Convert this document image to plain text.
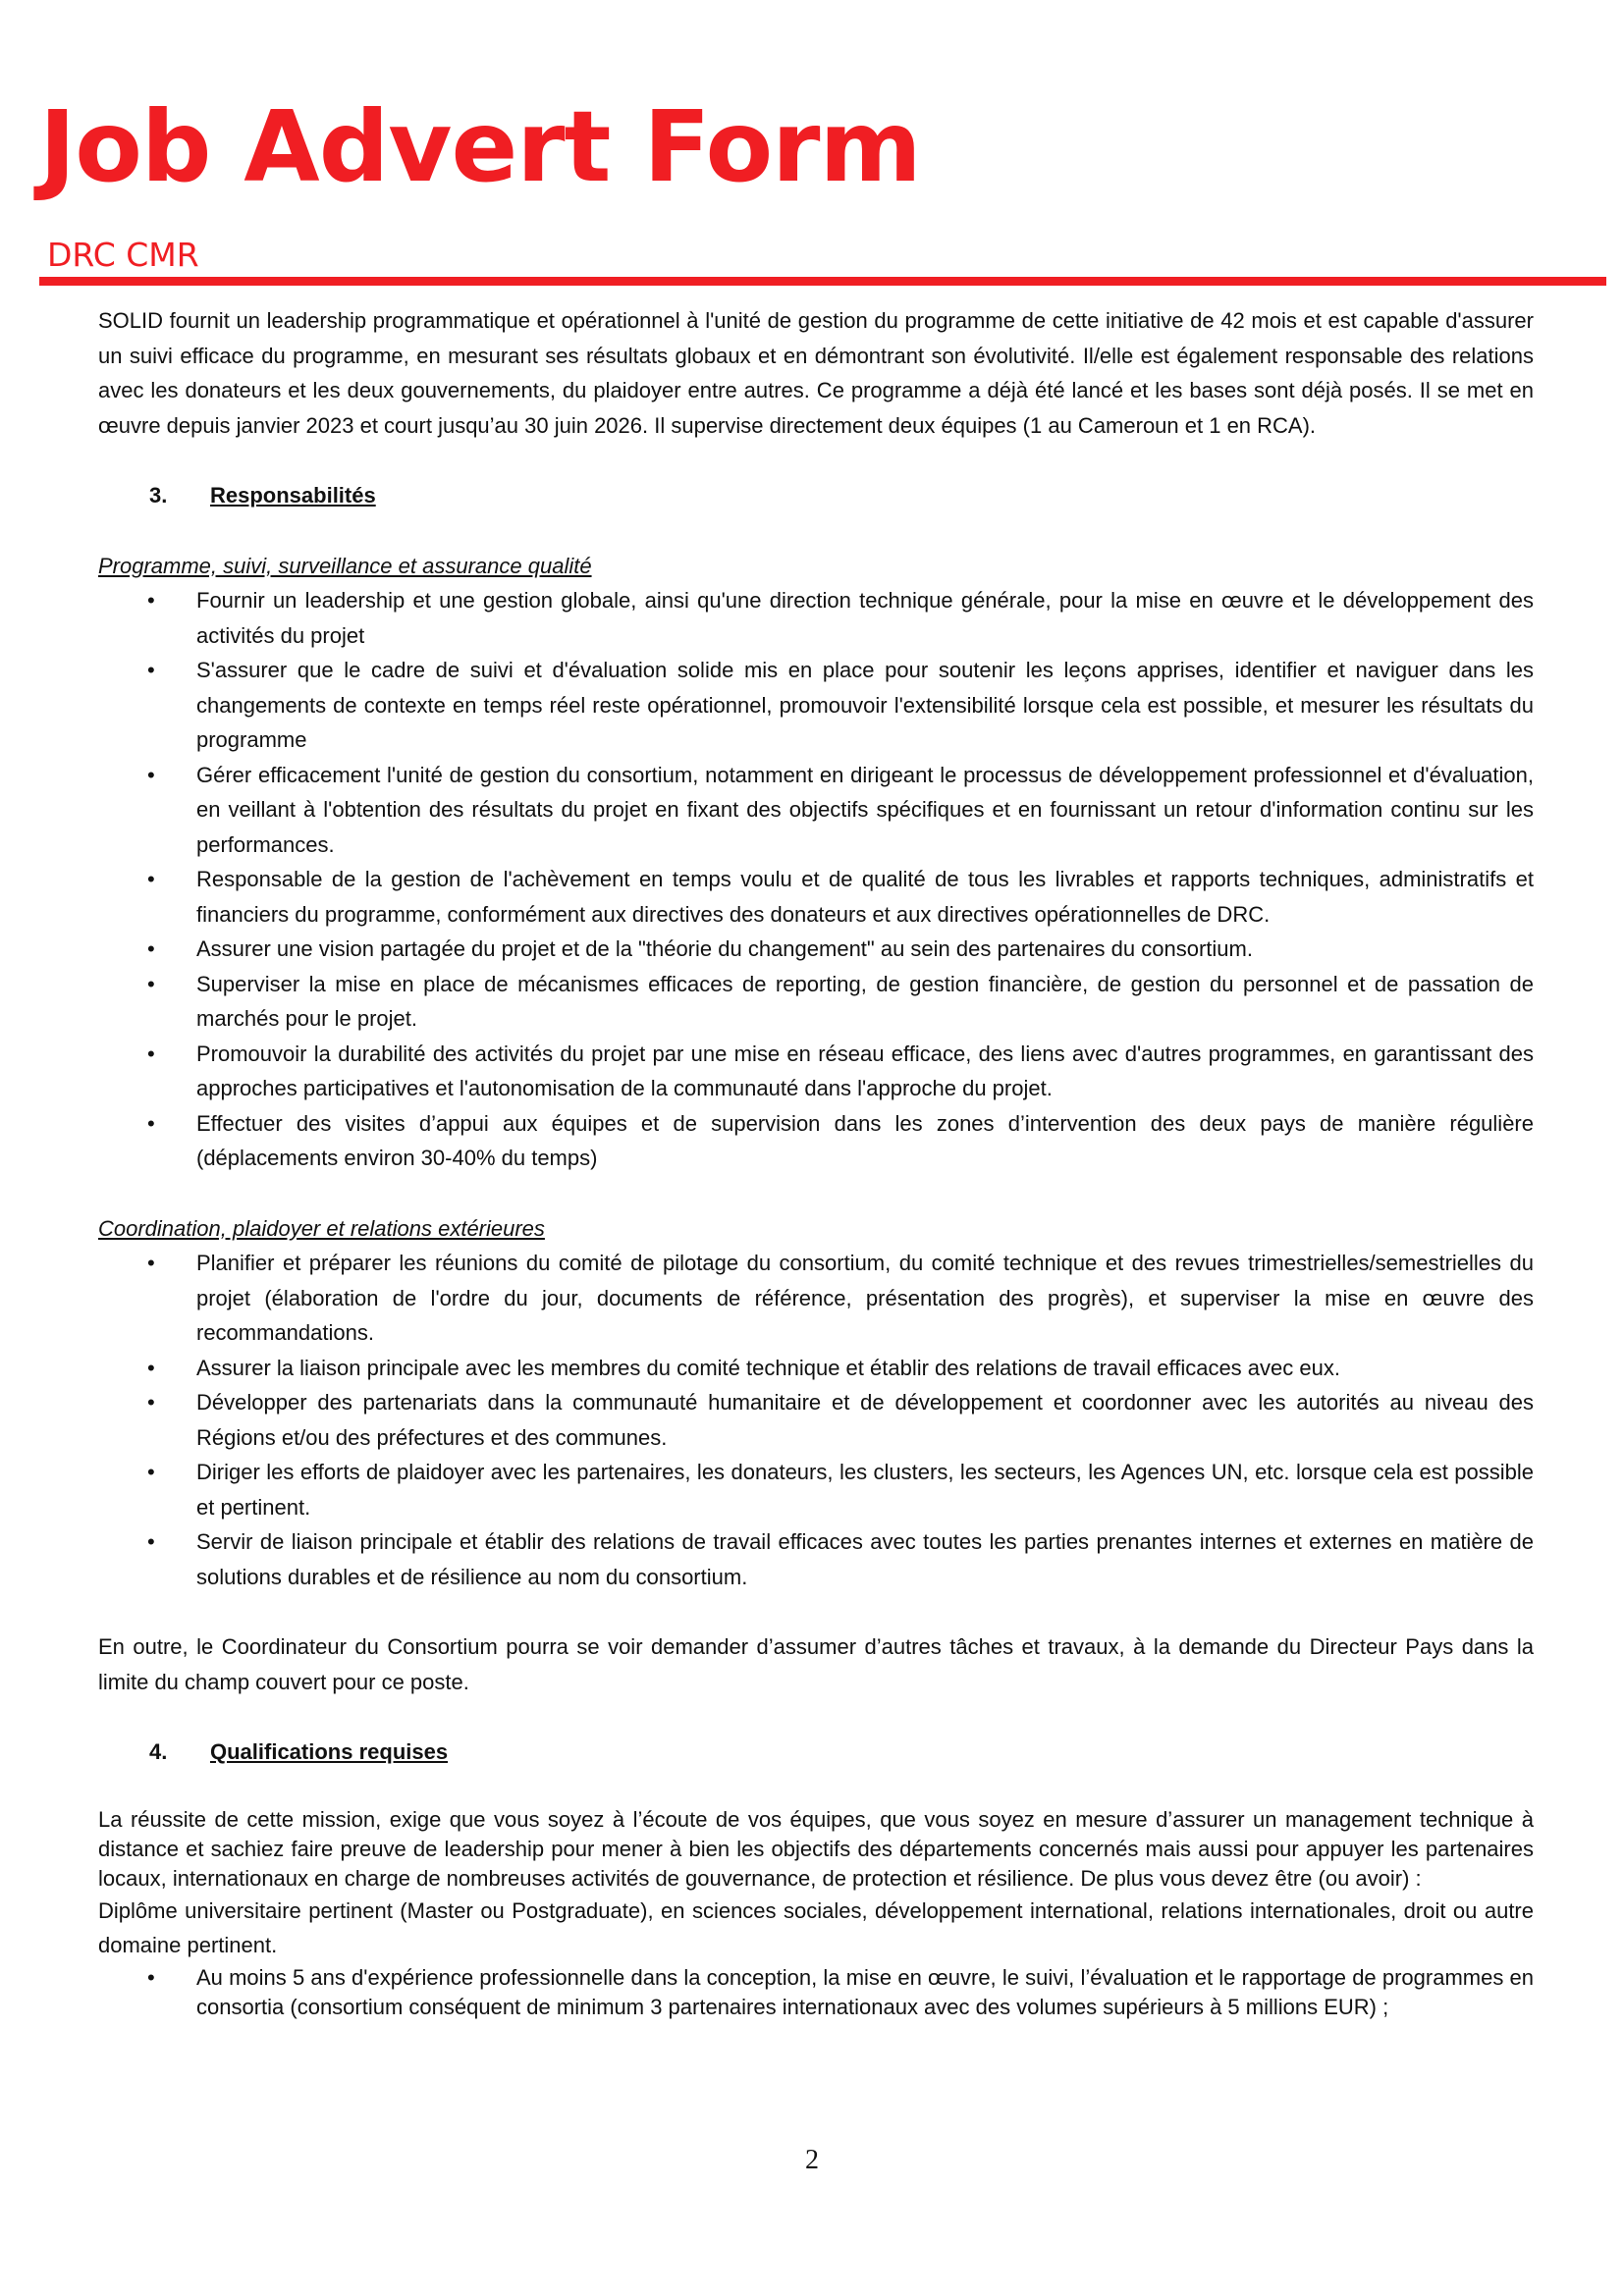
Job Advert Form
DRC CMR

SOLID fournit un leadership programmatique et opérationnel à l'unité de gestion du programme de cette initiative de 42 mois et est capable d'assurer un suivi efficace du programme, en mesurant ses résultats globaux et en démontrant son évolutivité. Il/elle est également responsable des relations avec les donateurs et les deux gouvernements, du plaidoyer entre autres. Ce programme a déjà été lancé et les bases sont déjà posés. Il se met en œuvre depuis janvier 2023 et court jusqu’au 30 juin 2026. Il supervise directement deux équipes (1 au Cameroun et 1 en RCA).

3.	Responsabilités
Programme, suivi, surveillance et assurance qualité
• Fournir un leadership et une gestion globale, ainsi qu'une direction technique générale, pour la mise en œuvre et le développement des activités du projet
• S'assurer que le cadre de suivi et d'évaluation solide mis en place pour soutenir les leçons apprises, identifier et naviguer dans les changements de contexte en temps réel reste opérationnel, promouvoir l'extensibilité lorsque cela est possible, et mesurer les résultats du programme
• Gérer efficacement l'unité de gestion du consortium, notamment en dirigeant le processus de développement professionnel et d'évaluation, en veillant à l'obtention des résultats du projet en fixant des objectifs spécifiques et en fournissant un retour d'information continu sur les performances.
• Responsable de la gestion de l'achèvement en temps voulu et de qualité de tous les livrables et rapports techniques, administratifs et financiers du programme, conformément aux directives des donateurs et aux directives opérationnelles de DRC.
• Assurer une vision partagée du projet et de la "théorie du changement" au sein des partenaires du consortium.
• Superviser la mise en place de mécanismes efficaces de reporting, de gestion financière, de gestion du personnel et de passation de marchés pour le projet.
• Promouvoir la durabilité des activités du projet par une mise en réseau efficace, des liens avec d'autres programmes, en garantissant des approches participatives et l'autonomisation de la communauté dans l'approche du projet.
• Effectuer des visites d’appui aux équipes et de supervision dans les zones d’intervention des deux pays de manière régulière (déplacements environ 30-40% du temps)
Coordination, plaidoyer et relations extérieures
• Planifier et préparer les réunions du comité de pilotage du consortium, du comité technique et des revues trimestrielles/semestrielles du projet (élaboration de l'ordre du jour, documents de référence, présentation des progrès), et superviser la mise en œuvre des recommandations.
• Assurer la liaison principale avec les membres du comité technique et établir des relations de travail efficaces avec eux.
• Développer des partenariats dans la communauté humanitaire et de développement et coordonner avec les autorités au niveau des Régions et/ou des préfectures et des communes.
• Diriger les efforts de plaidoyer avec les partenaires, les donateurs, les clusters, les secteurs, les Agences UN, etc. lorsque cela est possible et pertinent.
• Servir de liaison principale et établir des relations de travail efficaces avec toutes les parties prenantes internes et externes en matière de solutions durables et de résilience au nom du consortium.

En outre, le Coordinateur du Consortium pourra se voir demander d’assumer d’autres tâches et travaux, à la demande du Directeur Pays dans la limite du champ couvert pour ce poste.

4.	Qualifications requises

La réussite de cette mission, exige que vous soyez à l’écoute de vos équipes, que vous soyez en mesure d’assurer un management technique à distance et sachiez faire preuve de leadership pour mener à bien les objectifs des départements concernés mais aussi pour appuyer les partenaires locaux, internationaux en charge de nombreuses activités de gouvernance, de protection et résilience. De plus vous devez être (ou avoir) :

Diplôme universitaire pertinent (Master ou Postgraduate), en sciences sociales, développement international, relations internationales, droit ou autre domaine pertinent.

• Au moins 5 ans d'expérience professionnelle dans la conception, la mise en œuvre, le suivi, l’évaluation et le rapportage de programmes en consortia (consortium conséquent de minimum 3 partenaires internationaux avec des volumes supérieurs à 5 millions EUR) ;
2
